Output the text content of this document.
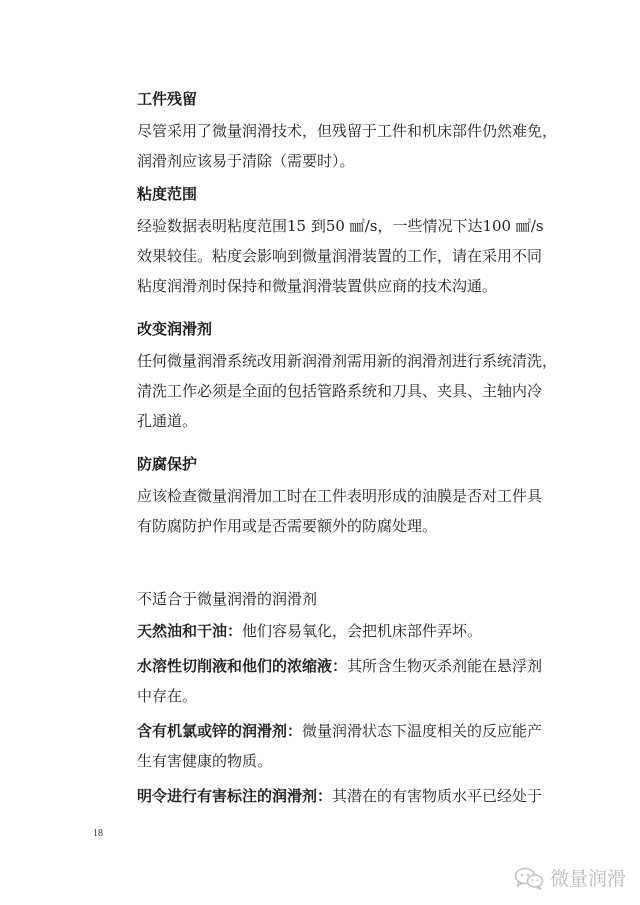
工件残留

尽管采用了微量润滑技术，但残留于工件和机床部件仍然难免，
润滑剂应该易于清除（需要时）。

粘度范围

经验数据表明粘度范围15 到50 ㎟/s，一些情况下达100 ㎟/s
效果较佳。粘度会影响到微量润滑装置的工作，请在采用不同
粘度润滑剂时保持和微量润滑装置供应商的技术沟通。

改变润滑剂

任何微量润滑系统改用新润滑剂需用新的润滑剂进行系统清洗，
清洗工作必须是全面的包括管路系统和刀具、夹具、主轴内冷
孔通道。

防腐保护

应该检查微量润滑加工时在工件表明形成的油膜是否对工件具
有防腐防护作用或是否需要额外的防腐处理。

不适合于微量润滑的润滑剂

天然油和干油：他们容易氧化，会把机床部件弄坏。
水溶性切削液和他们的浓缩液：其所含生物灭杀剂能在悬浮剂
中存在。
含有机氯或锌的润滑剂：微量润滑状态下温度相关的反应能产
生有害健康的物质。
明令进行有害标注的润滑剂：其潜在的有害物质水平已经处于
18
微量润滑
